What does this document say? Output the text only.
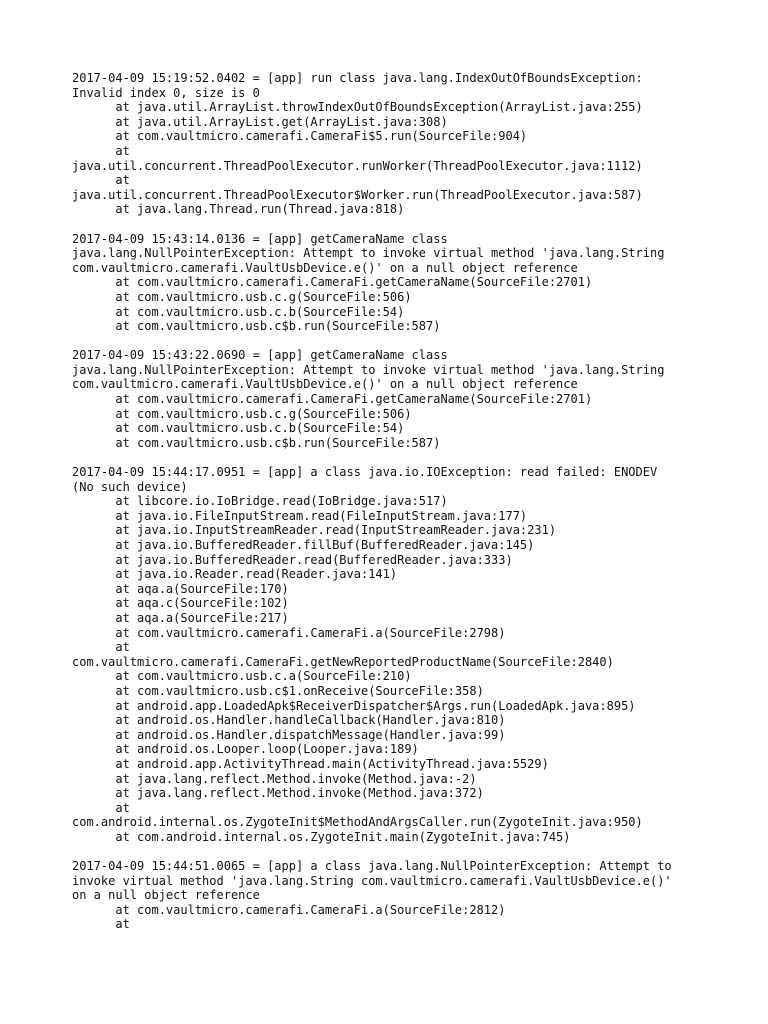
2017-04-09 15:19:52.0402 = [app] run class java.lang.IndexOutOfBoundsException:
Invalid index 0, size is 0
at java.util.ArrayList.throwIndexOutOfBoundsException(ArrayList.java:255)
at java.util.ArrayList.get(ArrayList.java:308)
at com.vaultmicro.camerafi.CameraFi$5.run(SourceFile:904)
at
java.util.concurrent.ThreadPoolExecutor.runWorker(ThreadPoolExecutor.java:1112)
at
java.util.concurrent.ThreadPoolExecutor$Worker.run(ThreadPoolExecutor.java:587)
at java.lang.Thread.run(Thread.java:818)
2017-04-09 15:43:14.0136 = [app] getCameraName class
java.lang.NullPointerException: Attempt to invoke virtual method 'java.lang.String
com.vaultmicro.camerafi.VaultUsbDevice.e()' on a null object reference
at com.vaultmicro.camerafi.CameraFi.getCameraName(SourceFile:2701)
at com.vaultmicro.usb.c.g(SourceFile:506)
at com.vaultmicro.usb.c.b(SourceFile:54)
at com.vaultmicro.usb.c$b.run(SourceFile:587)
2017-04-09 15:43:22.0690 = [app] getCameraName class
java.lang.NullPointerException: Attempt to invoke virtual method 'java.lang.String
com.vaultmicro.camerafi.VaultUsbDevice.e()' on a null object reference
at com.vaultmicro.camerafi.CameraFi.getCameraName(SourceFile:2701)
at com.vaultmicro.usb.c.g(SourceFile:506)
at com.vaultmicro.usb.c.b(SourceFile:54)
at com.vaultmicro.usb.c$b.run(SourceFile:587)
2017-04-09 15:44:17.0951 = [app] a class java.io.IOException: read failed: ENODEV
(No such device)
at libcore.io.IoBridge.read(IoBridge.java:517)
at java.io.FileInputStream.read(FileInputStream.java:177)
at java.io.InputStreamReader.read(InputStreamReader.java:231)
at java.io.BufferedReader.fillBuf(BufferedReader.java:145)
at java.io.BufferedReader.read(BufferedReader.java:333)
at java.io.Reader.read(Reader.java:141)
at aqa.a(SourceFile:170)
at aqa.c(SourceFile:102)
at aqa.a(SourceFile:217)
at com.vaultmicro.camerafi.CameraFi.a(SourceFile:2798)
at
com.vaultmicro.camerafi.CameraFi.getNewReportedProductName(SourceFile:2840)
at com.vaultmicro.usb.c.a(SourceFile:210)
at com.vaultmicro.usb.c$1.onReceive(SourceFile:358)
at android.app.LoadedApk$ReceiverDispatcher$Args.run(LoadedApk.java:895)
at android.os.Handler.handleCallback(Handler.java:810)
at android.os.Handler.dispatchMessage(Handler.java:99)
at android.os.Looper.loop(Looper.java:189)
at android.app.ActivityThread.main(ActivityThread.java:5529)
at java.lang.reflect.Method.invoke(Method.java:-2)
at java.lang.reflect.Method.invoke(Method.java:372)
at
com.android.internal.os.ZygoteInit$MethodAndArgsCaller.run(ZygoteInit.java:950)
at com.android.internal.os.ZygoteInit.main(ZygoteInit.java:745)
2017-04-09 15:44:51.0065 = [app] a class java.lang.NullPointerException: Attempt to
invoke virtual method 'java.lang.String com.vaultmicro.camerafi.VaultUsbDevice.e()'
on a null object reference
at com.vaultmicro.camerafi.CameraFi.a(SourceFile:2812)
at
